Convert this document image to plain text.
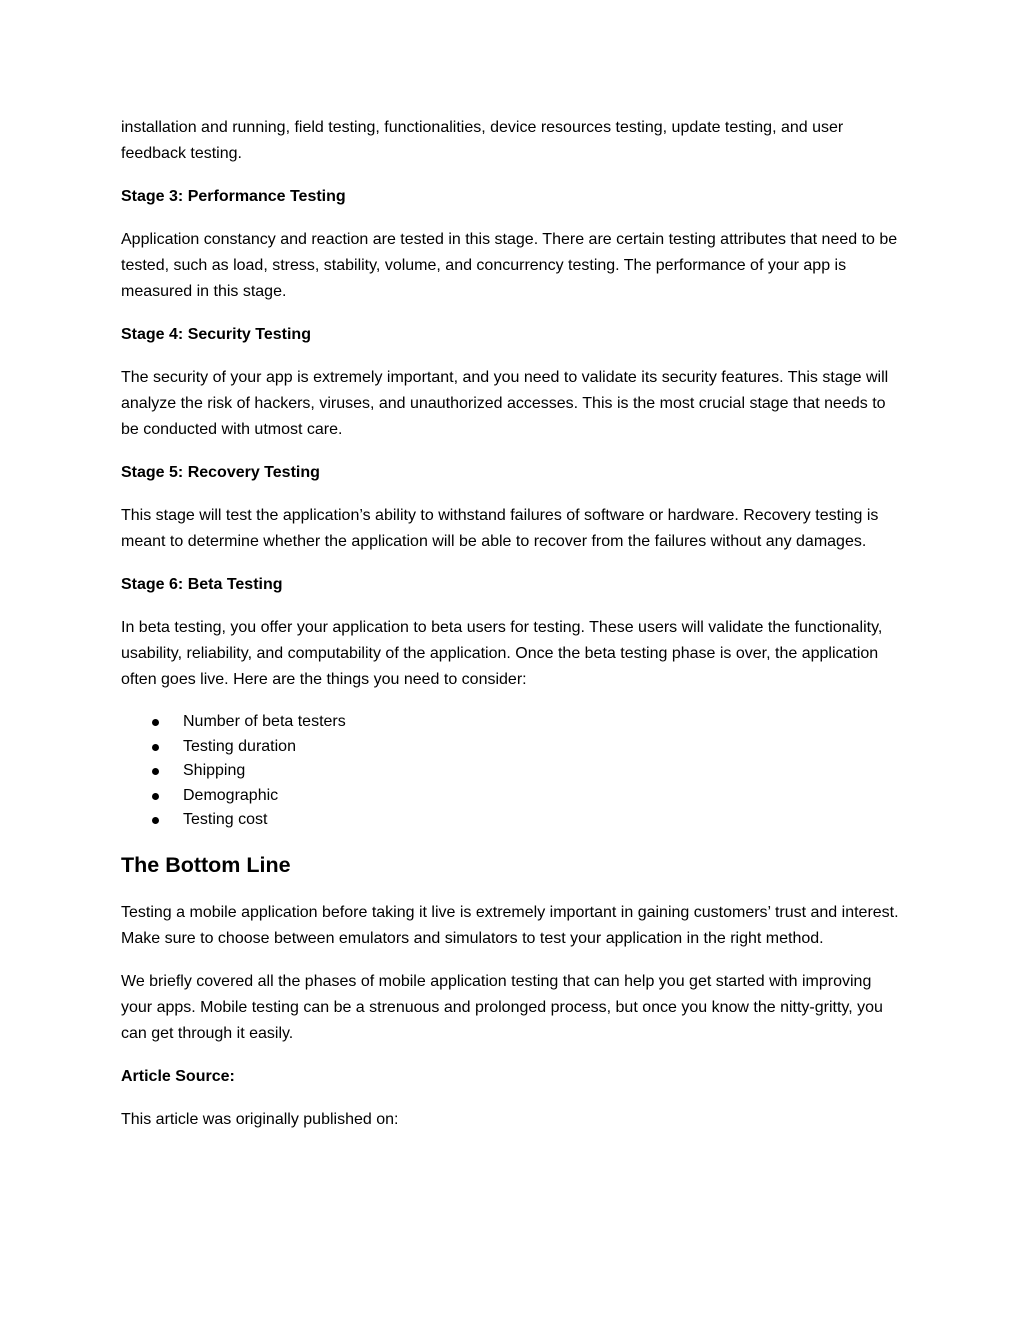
installation and running, field testing, functionalities, device resources testing, update testing, and user feedback testing.

Stage 3: Performance Testing

Application constancy and reaction are tested in this stage. There are certain testing attributes that need to be tested, such as load, stress, stability, volume, and concurrency testing. The performance of your app is measured in this stage.

Stage 4: Security Testing

The security of your app is extremely important, and you need to validate its security features. This stage will analyze the risk of hackers, viruses, and unauthorized accesses. This is the most crucial stage that needs to be conducted with utmost care.

Stage 5: Recovery Testing

This stage will test the application’s ability to withstand failures of software or hardware. Recovery testing is meant to determine whether the application will be able to recover from the failures without any damages.

Stage 6: Beta Testing

In beta testing, you offer your application to beta users for testing. These users will validate the functionality, usability, reliability, and computability of the application. Once the beta testing phase is over, the application often goes live. Here are the things you need to consider:

Number of beta testers
Testing duration
Shipping
Demographic
Testing cost
The Bottom Line

Testing a mobile application before taking it live is extremely important in gaining customers’ trust and interest. Make sure to choose between emulators and simulators to test your application in the right method.

We briefly covered all the phases of mobile application testing that can help you get started with improving your apps. Mobile testing can be a strenuous and prolonged process, but once you know the nitty-gritty, you can get through it easily.

Article Source:

This article was originally published on:
